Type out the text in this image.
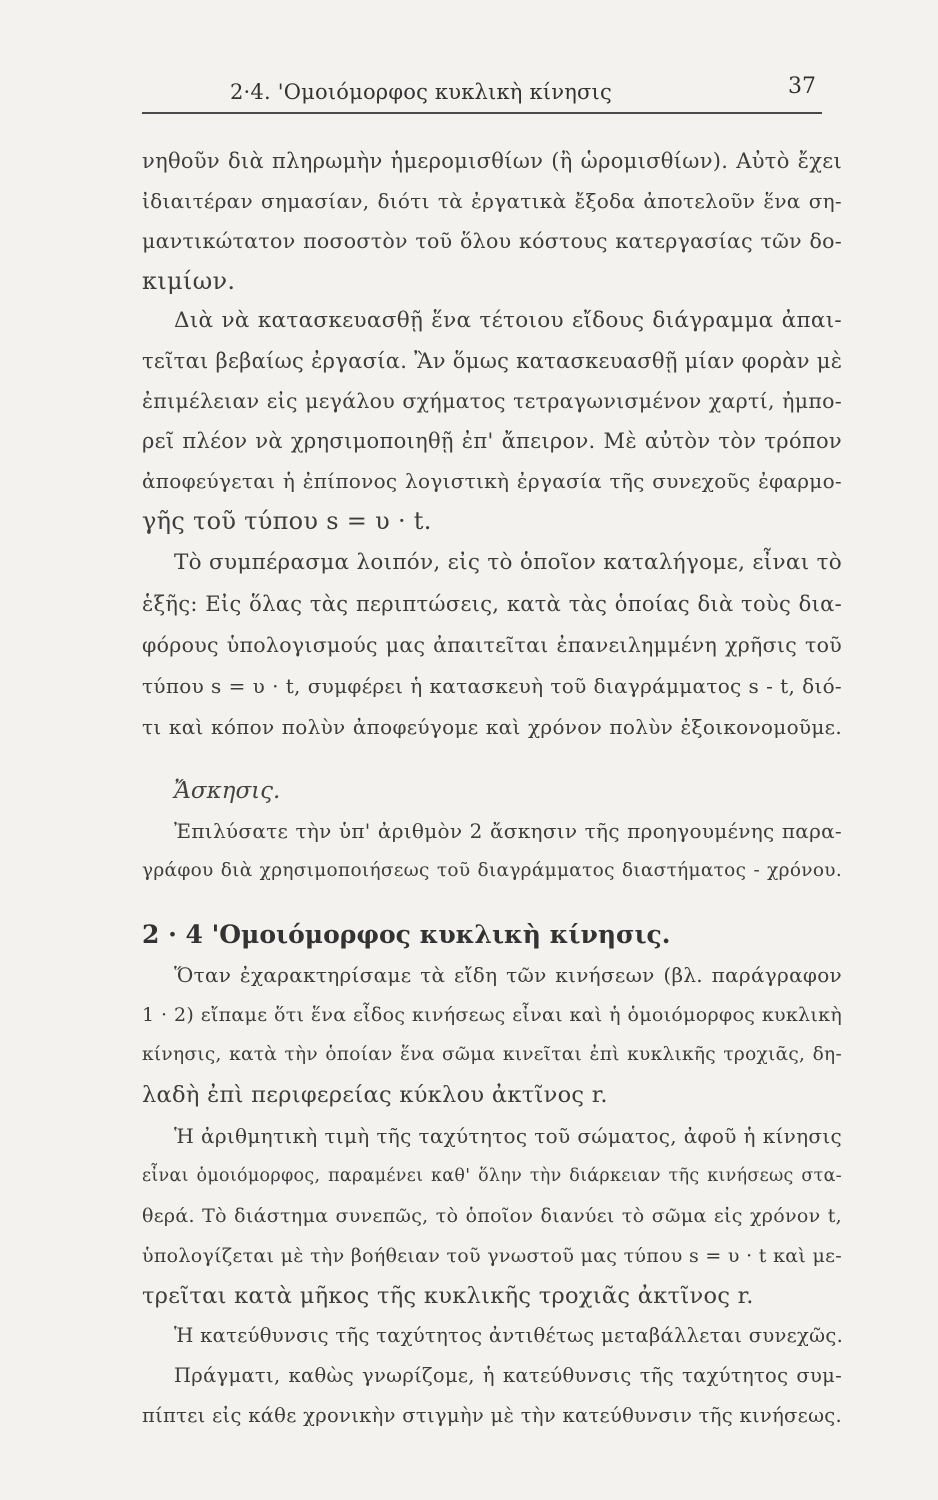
2·4. 'Ομοιόμορφος κυκλικὴ κίνησις	37
νηθοῦν διὰ πληρωμὴν ἡμερομισθίων (ἢ ὡρομισθίων). Αὐτὸ ἔχει
ἰδιαιτέραν σημασίαν, διότι τὰ ἐργατικὰ ἔξοδα ἀποτελοῦν ἕνα ση-
μαντικώτατον ποσοστὸν τοῦ ὅλου κόστους κατεργασίας τῶν δο-
κιμίων.
Διὰ νὰ κατασκευασθῇ ἕνα τέτοιου εἴδους διάγραμμα ἀπαι-
τεῖται βεβαίως ἐργασία. Ἂν ὅμως κατασκευασθῇ μίαν φορὰν μὲ
ἐπιμέλειαν εἰς μεγάλου σχήματος τετραγωνισμένον χαρτί, ἠμπο-
ρεῖ πλέον νὰ χρησιμοποιηθῇ ἐπ' ἄπειρον. Μὲ αὐτὸν τὸν τρόπον
ἀποφεύγεται ἡ ἐπίπονος λογιστικὴ ἐργασία τῆς συνεχοῦς ἐφαρμο-
γῆς τοῦ τύπου s = υ · t.
Τὸ συμπέρασμα λοιπόν, εἰς τὸ ὁποῖον καταλήγομε, εἶναι τὸ
ἑξῆς: Εἰς ὅλας τὰς περιπτώσεις, κατὰ τὰς ὁποίας διὰ τοὺς δια-
φόρους ὑπολογισμούς μας ἀπαιτεῖται ἐπανειλημμένη χρῆσις τοῦ
τύπου s = υ · t, συμφέρει ἡ κατασκευὴ τοῦ διαγράμματος s - t, διό-
τι καὶ κόπον πολὺν ἀποφεύγομε καὶ χρόνον πολὺν ἐξοικονομοῦμε.
Ἄσκησις.
Ἐπιλύσατε τὴν ὑπ' ἀριθμὸν 2 ἄσκησιν τῆς προηγουμένης παρα-
γράφου διὰ χρησιμοποιήσεως τοῦ διαγράμματος διαστήματος - χρόνου.
2 · 4 'Ομοιόμορφος κυκλικὴ κίνησις.
Ὅταν ἐχαρακτηρίσαμε τὰ εἴδη τῶν κινήσεων (βλ. παράγραφον
1 · 2) εἴπαμε ὅτι ἕνα εἶδος κινήσεως εἶναι καὶ ἡ ὁμοιόμορφος κυκλικὴ
κίνησις, κατὰ τὴν ὁποίαν ἕνα σῶμα κινεῖται ἐπὶ κυκλικῆς τροχιᾶς, δη-
λαδὴ ἐπὶ περιφερείας κύκλου ἀκτῖνος r.
Ἡ ἀριθμητικὴ τιμὴ τῆς ταχύτητος τοῦ σώματος, ἀφοῦ ἡ κίνησις
εἶναι ὁμοιόμορφος, παραμένει καθ' ὅλην τὴν διάρκειαν τῆς κινήσεως στα-
θερά. Τὸ διάστημα συνεπῶς, τὸ ὁποῖον διανύει τὸ σῶμα εἰς χρόνον t,
ὑπολογίζεται μὲ τὴν βοήθειαν τοῦ γνωστοῦ μας τύπου s = υ · t καὶ με-
τρεῖται κατὰ μῆκος τῆς κυκλικῆς τροχιᾶς ἀκτῖνος r.
Ἡ κατεύθυνσις τῆς ταχύτητος ἀντιθέτως μεταβάλλεται συνεχῶς.
Πράγματι, καθὼς γνωρίζομε, ἡ κατεύθυνσις τῆς ταχύτητος συμ-
πίπτει εἰς κάθε χρονικὴν στιγμὴν μὲ τὴν κατεύθυνσιν τῆς κινήσεως.
